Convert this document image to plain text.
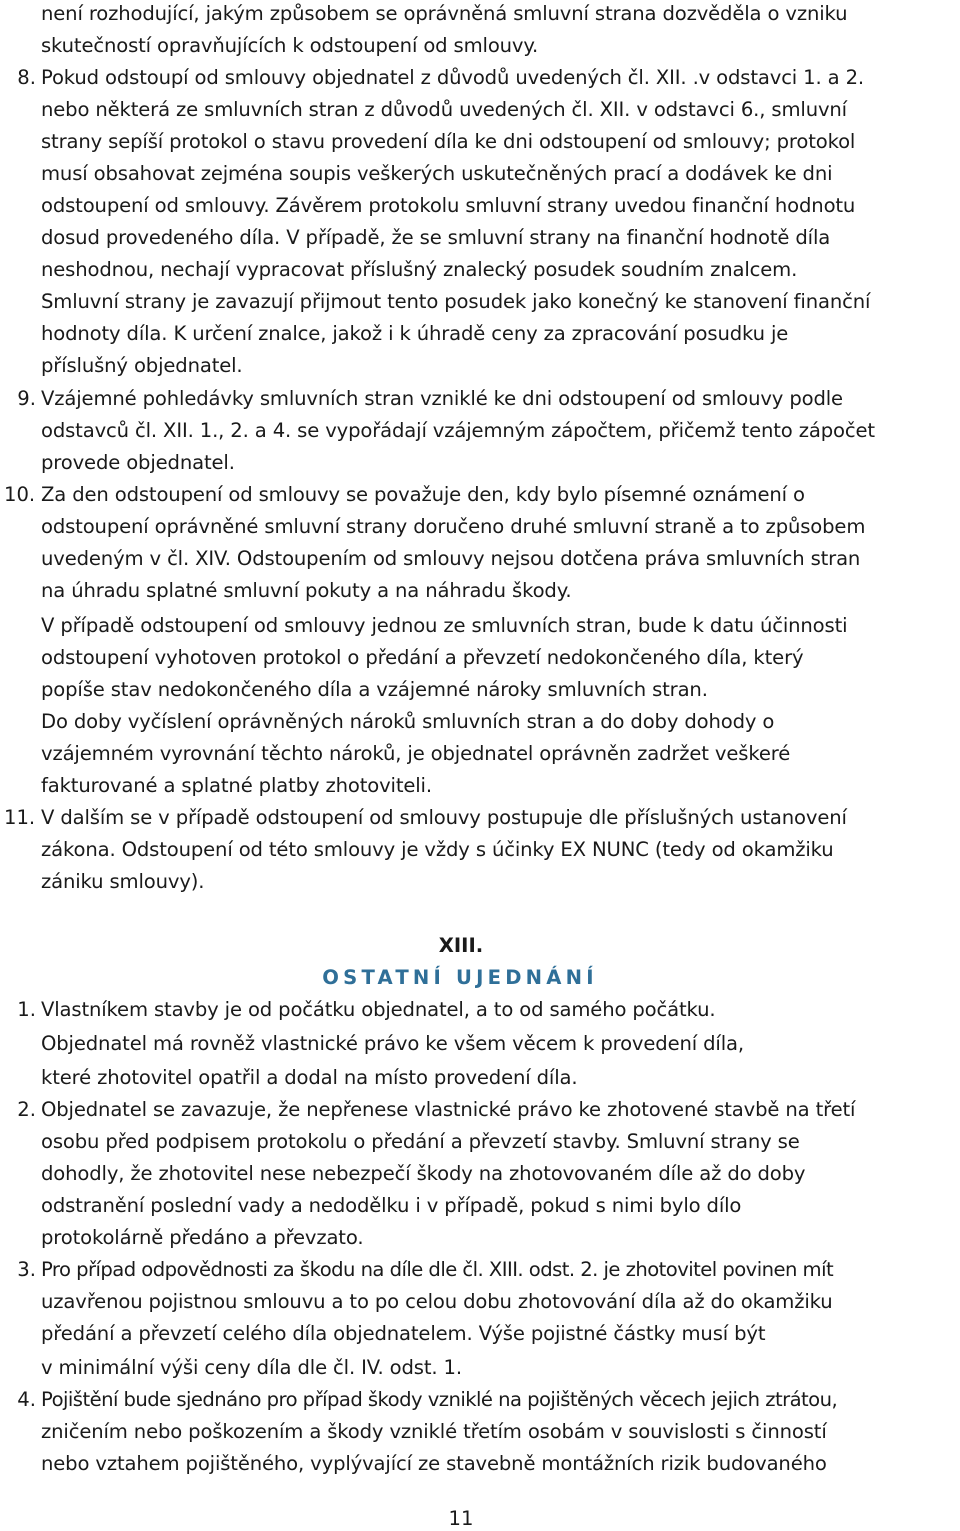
není rozhodující, jakým způsobem se oprávněná smluvní strana dozvěděla o vzniku
skutečností opravňujících k odstoupení od smlouvy.
8. Pokud odstoupí od smlouvy objednatel z důvodů uvedených čl. XII. .v odstavci 1. a 2.
nebo některá ze smluvních stran z důvodů uvedených čl. XII. v odstavci 6., smluvní
strany sepíší protokol o stavu provedení díla ke dni odstoupení od smlouvy; protokol
musí obsahovat zejména soupis veškerých uskutečněných prací a dodávek ke dni
odstoupení od smlouvy. Závěrem protokolu smluvní strany uvedou finanční hodnotu
dosud provedeného díla. V případě, že se smluvní strany na finanční hodnotě díla
neshodnou, nechají vypracovat příslušný znalecký posudek soudním znalcem.
Smluvní strany je zavazují přijmout tento posudek jako konečný ke stanovení finanční
hodnoty díla. K určení znalce, jakož i k úhradě ceny za zpracování posudku je
příslušný objednatel.
9. Vzájemné pohledávky smluvních stran vzniklé ke dni odstoupení od smlouvy podle
odstavců čl. XII. 1., 2. a 4. se vypořádají vzájemným zápočtem, přičemž tento zápočet
provede objednatel.
10. Za den odstoupení od smlouvy se považuje den, kdy bylo písemné oznámení o
odstoupení oprávněné smluvní strany doručeno druhé smluvní straně a to způsobem
uvedeným v čl. XIV. Odstoupením od smlouvy nejsou dotčena práva smluvních stran
na úhradu splatné smluvní pokuty a na náhradu škody.
V případě odstoupení od smlouvy jednou ze smluvních stran, bude k datu účinnosti
odstoupení vyhotoven protokol o předání a převzetí nedokončeného díla, který
popíše stav nedokončeného díla a vzájemné nároky smluvních stran.
Do doby vyčíslení oprávněných nároků smluvních stran a do doby dohody o
vzájemném vyrovnání těchto nároků, je objednatel oprávněn zadržet veškeré
fakturované a splatné platby zhotoviteli.
11. V dalším se v případě odstoupení od smlouvy postupuje dle příslušných ustanovení
zákona. Odstoupení od této smlouvy je vždy s účinky EX NUNC (tedy od okamžiku
zániku smlouvy).
XIII.
OSTATNÍ UJEDNÁNÍ
1. Vlastníkem stavby je od počátku objednatel, a to od samého počátku.
Objednatel má rovněž vlastnické právo ke všem věcem k provedení díla,
které zhotovitel opatřil a dodal na místo provedení díla.
2. Objednatel se zavazuje, že nepřenese vlastnické právo ke zhotovené stavbě na třetí
osobu před podpisem protokolu o předání a převzetí stavby. Smluvní strany se
dohodly, že zhotovitel nese nebezpečí škody na zhotovovaném díle až do doby
odstranění poslední vady a nedodělku i v případě, pokud s nimi bylo dílo
protokolárně předáno a převzato.
3. Pro případ odpovědnosti za škodu na díle dle čl. XIII. odst. 2. je zhotovitel povinen mít
uzavřenou pojistnou smlouvu a to po celou dobu zhotovování díla až do okamžiku
předání a převzetí celého díla objednatelem. Výše pojistné částky musí být
v minimální výši ceny díla dle čl. IV. odst. 1.
4. Pojištění bude sjednáno pro případ škody vzniklé na pojištěných věcech jejich ztrátou,
zničením nebo poškozením a škody vzniklé třetím osobám v souvislosti s činností
nebo vztahem pojištěného, vyplývající ze stavebně montážních rizik budovaného
11
